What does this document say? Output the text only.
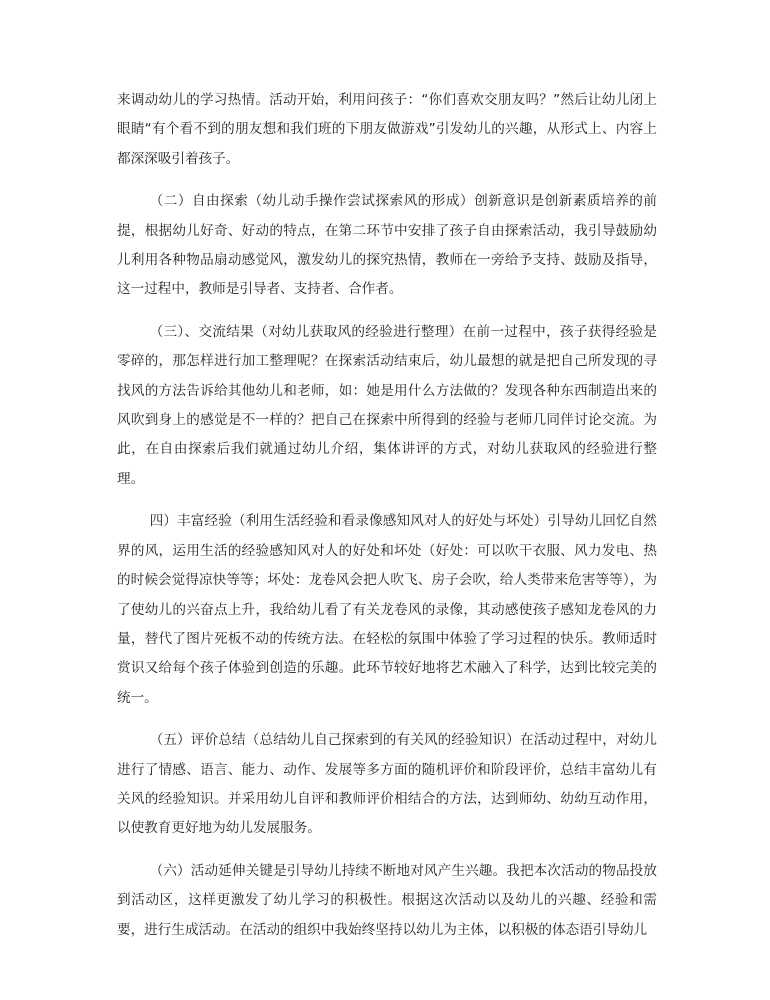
来调动幼儿的学习热情。活动开始，利用问孩子：“你们喜欢交朋友吗？”然后让幼儿闭上眼睛“有个看不到的朋友想和我们班的下朋友做游戏”引发幼儿的兴趣，从形式上、内容上都深深吸引着孩子。

（二）自由探索（幼儿动手操作尝试探索风的形成）创新意识是创新素质培养的前提，根据幼儿好奇、好动的特点，在第二环节中安排了孩子自由探索活动，我引导鼓励幼儿利用各种物品扇动感觉风，激发幼儿的探究热情，教师在一旁给予支持、鼓励及指导，这一过程中，教师是引导者、支持者、合作者。

（三）、交流结果（对幼儿获取风的经验进行整理）在前一过程中，孩子获得经验是零碎的，那怎样进行加工整理呢？在探索活动结束后，幼儿最想的就是把自己所发现的寻找风的方法告诉给其他幼儿和老师，如：她是用什么方法做的？发现各种东西制造出来的风吹到身上的感觉是不一样的？把自己在探索中所得到的经验与老师几同伴讨论交流。为此，在自由探索后我们就通过幼儿介绍，集体讲评的方式，对幼儿获取风的经验进行整理。

四）丰富经验（利用生活经验和看录像感知风对人的好处与坏处）引导幼儿回忆自然界的风，运用生活的经验感知风对人的好处和坏处（好处：可以吹干衣服、风力发电、热的时候会觉得凉快等等；坏处：龙卷风会把人吹飞、房子会吹，给人类带来危害等等），为了使幼儿的兴奋点上升，我给幼儿看了有关龙卷风的录像，其动感使孩子感知龙卷风的力量，替代了图片死板不动的传统方法。在轻松的氛围中体验了学习过程的快乐。教师适时赏识又给每个孩子体验到创造的乐趣。此环节较好地将艺术融入了科学，达到比较完美的统一。

（五）评价总结（总结幼儿自己探索到的有关风的经验知识）在活动过程中，对幼儿进行了情感、语言、能力、动作、发展等多方面的随机评价和阶段评价，总结丰富幼儿有关风的经验知识。并采用幼儿自评和教师评价相结合的方法，达到师幼、幼幼互动作用，以使教育更好地为幼儿发展服务。

（六）活动延伸关键是引导幼儿持续不断地对风产生兴趣。我把本次活动的物品投放到活动区，这样更激发了幼儿学习的积极性。根据这次活动以及幼儿的兴趣、经验和需要，进行生成活动。在活动的组织中我始终坚持以幼儿为主体，以积极的体态语引导幼儿
